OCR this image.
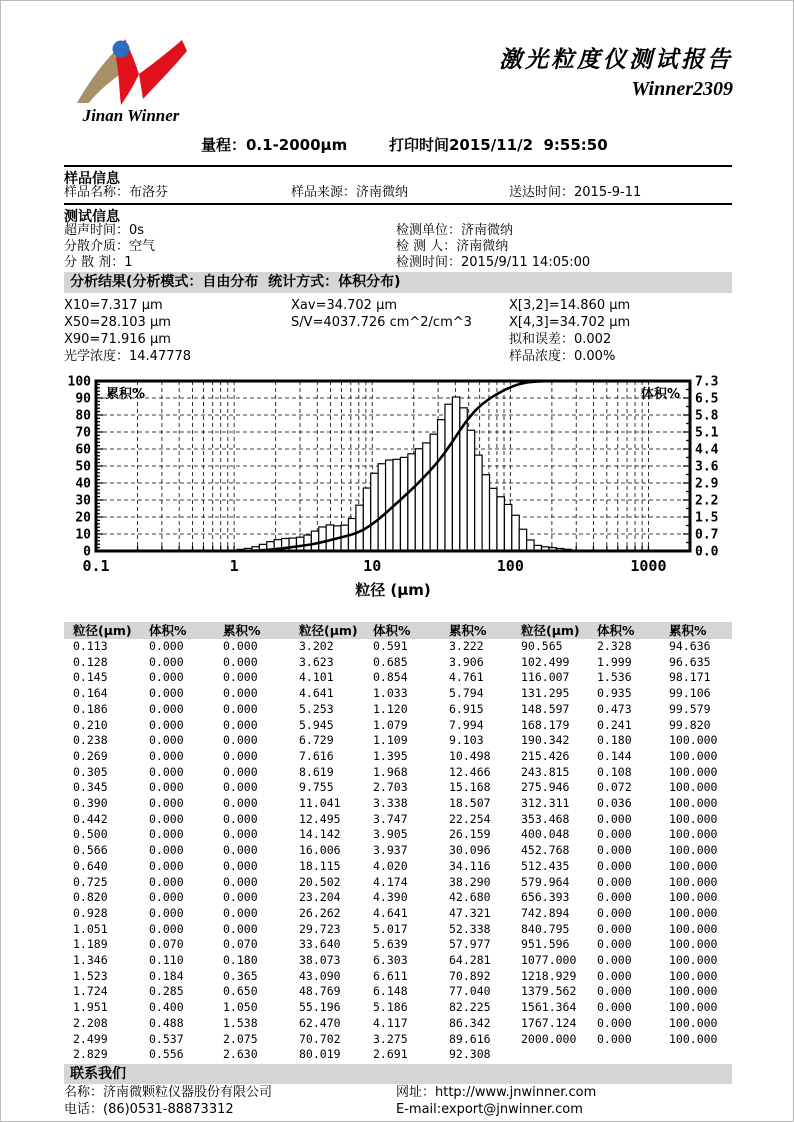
Jinan Winner
激光粒度仪测试报告
Winner2309

量程：0.1-2000μm

	打印时间2015/11/2  9:55:50

样品信息
样品名称：布洛芬	样品来源：济南微纳	送达时间：2015-9-11
测试信息
超声时间：0s	检测单位：济南微纳
分散介质：空气	检 测 人：济南微纳
分 散 剂：1	检测时间：2015/9/11 14:05:00
分析结果(分析模式：自由分布  统计方式：体积分布)
X10=7.317 μm	Xav=34.702 μm	X[3,2]=14.860 μm
X50=28.103 μm	S/V=4037.726 cm^2/cm^3	X[4,3]=34.702 μm
X90=71.916 μm	拟和误差：0.002
光学浓度：14.47778	样品浓度：0.00%
100
90
80
70
60
50
40
30
20
10
0
7.3
6.5
5.8
5.1
4.4
3.6
2.9
2.2
1.5
0.7
0.0
0.1	1	10	100	1000
累积%	体积%
粒径 (μm)
粒径(μm)	体积%	累积%	粒径(μm)	体积%	累积%	粒径(μm)	体积%	累积%
0.113	0.000	0.000	3.202	0.591	3.222	90.565	2.328	94.636
0.128	0.000	0.000	3.623	0.685	3.906	102.499	1.999	96.635
0.145	0.000	0.000	4.101	0.854	4.761	116.007	1.536	98.171
0.164	0.000	0.000	4.641	1.033	5.794	131.295	0.935	99.106
0.186	0.000	0.000	5.253	1.120	6.915	148.597	0.473	99.579
0.210	0.000	0.000	5.945	1.079	7.994	168.179	0.241	99.820
0.238	0.000	0.000	6.729	1.109	9.103	190.342	0.180	100.000
0.269	0.000	0.000	7.616	1.395	10.498	215.426	0.144	100.000
0.305	0.000	0.000	8.619	1.968	12.466	243.815	0.108	100.000
0.345	0.000	0.000	9.755	2.703	15.168	275.946	0.072	100.000
0.390	0.000	0.000	11.041	3.338	18.507	312.311	0.036	100.000
0.442	0.000	0.000	12.495	3.747	22.254	353.468	0.000	100.000
0.500	0.000	0.000	14.142	3.905	26.159	400.048	0.000	100.000
0.566	0.000	0.000	16.006	3.937	30.096	452.768	0.000	100.000
0.640	0.000	0.000	18.115	4.020	34.116	512.435	0.000	100.000
0.725	0.000	0.000	20.502	4.174	38.290	579.964	0.000	100.000
0.820	0.000	0.000	23.204	4.390	42.680	656.393	0.000	100.000
0.928	0.000	0.000	26.262	4.641	47.321	742.894	0.000	100.000
1.051	0.000	0.000	29.723	5.017	52.338	840.795	0.000	100.000
1.189	0.070	0.070	33.640	5.639	57.977	951.596	0.000	100.000
1.346	0.110	0.180	38.073	6.303	64.281	1077.000	0.000	100.000
1.523	0.184	0.365	43.090	6.611	70.892	1218.929	0.000	100.000
1.724	0.285	0.650	48.769	6.148	77.040	1379.562	0.000	100.000
1.951	0.400	1.050	55.196	5.186	82.225	1561.364	0.000	100.000
2.208	0.488	1.538	62.470	4.117	86.342	1767.124	0.000	100.000
2.499	0.537	2.075	70.702	3.275	89.616	2000.000	0.000	100.000
2.829	0.556	2.630	80.019	2.691	92.308
联系我们
名称：济南微颗粒仪器股份有限公司	网址：http://www.jnwinner.com
电话：(86)0531-88873312	E-mail:export@jnwinner.com
